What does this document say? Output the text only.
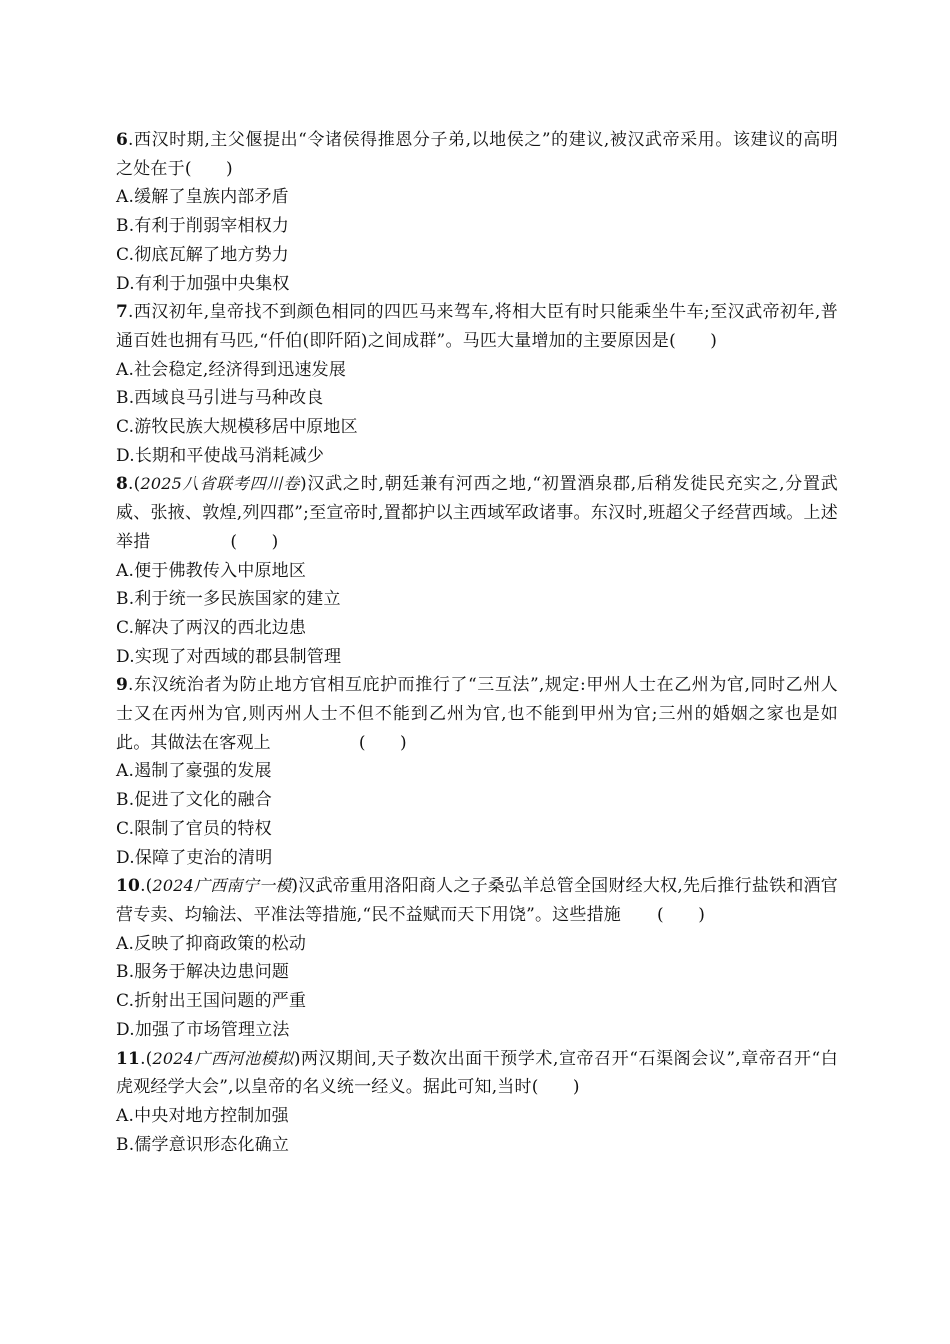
6.西汉时期,主父偃提出“令诸侯得推恩分子弟,以地侯之”的建议,被汉武帝采用。该建议的高明之处在于(　　)

A.缓解了皇族内部矛盾

B.有利于削弱宰相权力

C.彻底瓦解了地方势力

D.有利于加强中央集权

7.西汉初年,皇帝找不到颜色相同的四匹马来驾车,将相大臣有时只能乘坐牛车;至汉武帝初年,普通百姓也拥有马匹,“仟伯(即阡陌)之间成群”。马匹大量增加的主要原因是(　　)

A.社会稳定,经济得到迅速发展

B.西域良马引进与马种改良

C.游牧民族大规模移居中原地区

D.长期和平使战马消耗减少

8.(2025八省联考四川卷)汉武之时,朝廷兼有河西之地,“初置酒泉郡,后稍发徙民充实之,分置武威、张掖、敦煌,列四郡”;至宣帝时,置都护以主西域军政诸事。东汉时,班超父子经营西域。上述举措	(　　)

A.便于佛教传入中原地区

B.利于统一多民族国家的建立

C.解决了两汉的西北边患

D.实现了对西域的郡县制管理

9.东汉统治者为防止地方官相互庇护而推行了“三互法”,规定:甲州人士在乙州为官,同时乙州人士又在丙州为官,则丙州人士不但不能到乙州为官,也不能到甲州为官;三州的婚姻之家也是如此。其做法在客观上	(　　)

A.遏制了豪强的发展

B.促进了文化的融合

C.限制了官员的特权

D.保障了吏治的清明

10.(2024广西南宁一模)汉武帝重用洛阳商人之子桑弘羊总管全国财经大权,先后推行盐铁和酒官营专卖、均输法、平准法等措施,“民不益赋而天下用饶”。这些措施 (　　)

A.反映了抑商政策的松动

B.服务于解决边患问题

C.折射出王国问题的严重

D.加强了市场管理立法

11.(2024广西河池模拟)两汉期间,天子数次出面干预学术,宣帝召开“石渠阁会议”,章帝召开“白虎观经学大会”,以皇帝的名义统一经义。据此可知,当时(　　)

A.中央对地方控制加强

B.儒学意识形态化确立
